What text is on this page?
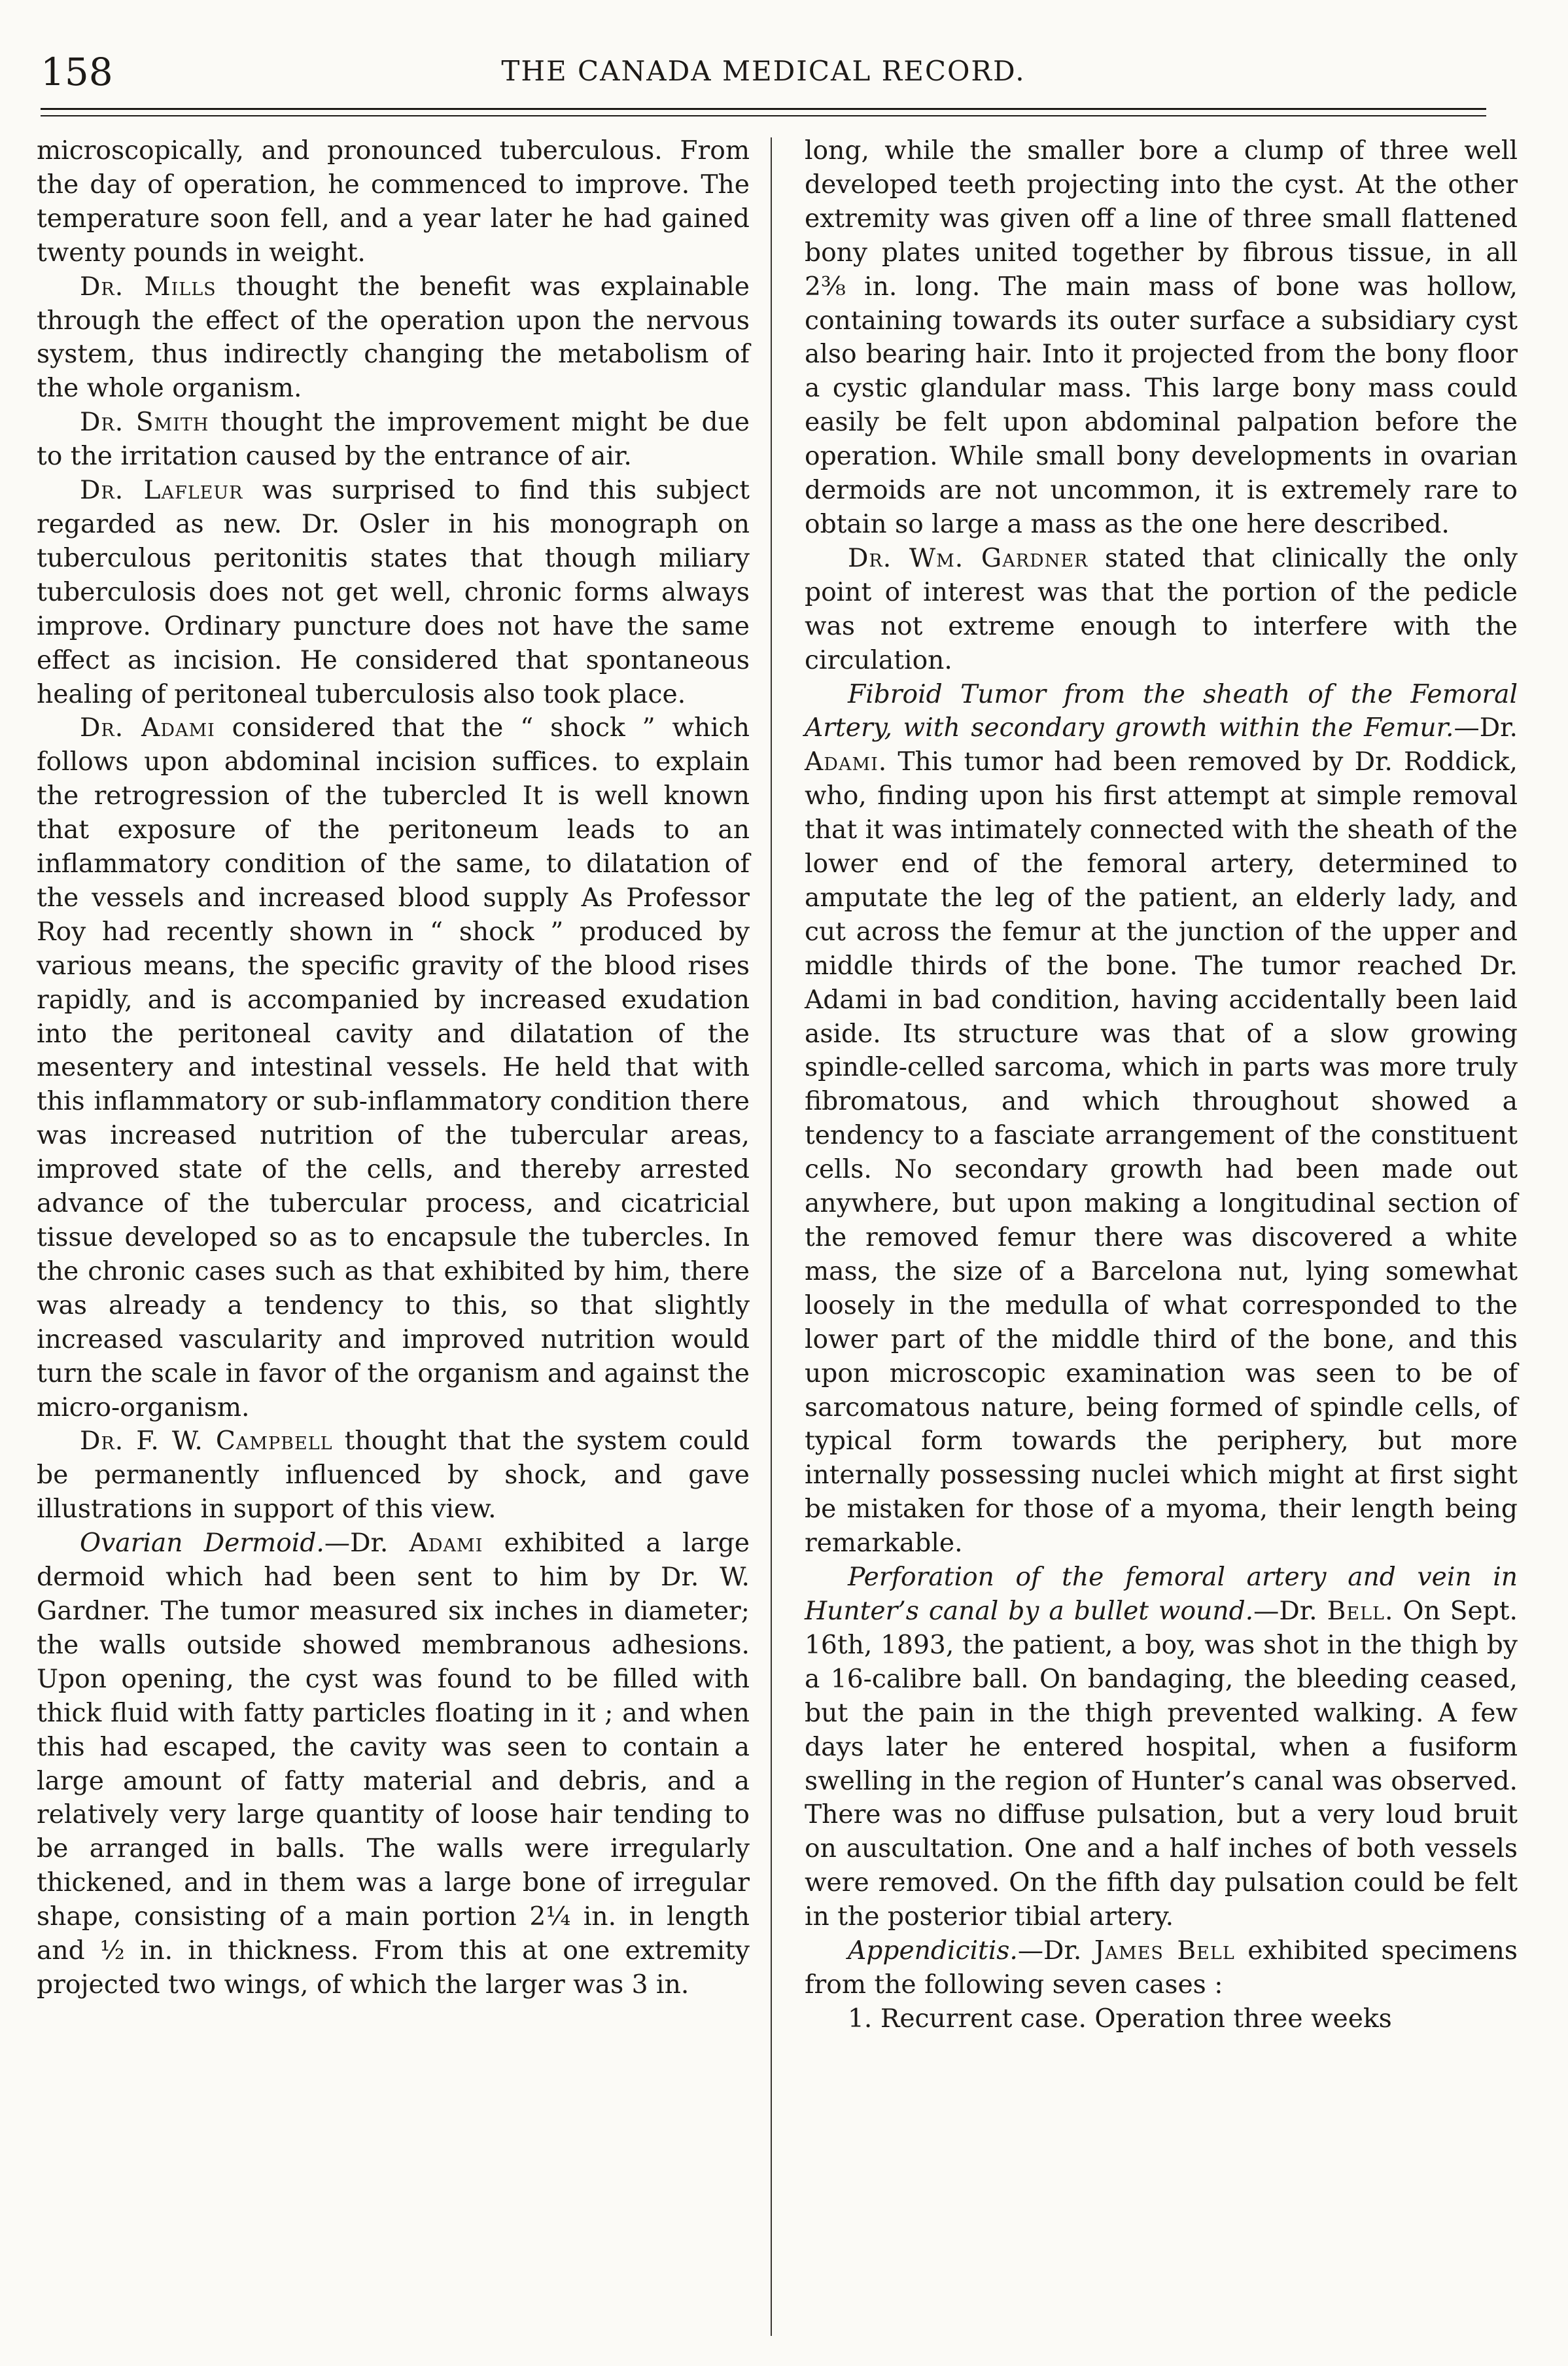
158	THE CANADA MEDICAL RECORD.

microscopically, and pronounced tuberculous. From the day of operation, he commenced to improve. The temperature soon fell, and a year later he had gained twenty pounds in weight.

Dr. Mills thought the benefit was explainable through the effect of the operation upon the nervous system, thus indirectly changing the metabolism of the whole organism.

Dr. Smith thought the improvement might be due to the irritation caused by the entrance of air.

Dr. Lafleur was surprised to find this subject regarded as new. Dr. Osler in his monograph on tuberculous peritonitis states that though miliary tuberculosis does not get well, chronic forms always improve. Ordinary puncture does not have the same effect as incision. He considered that spontaneous healing of peritoneal tuberculosis also took place.

Dr. Adami considered that the “ shock ” which follows upon abdominal incision suffices. to explain the retrogression of the tubercled It is well known that exposure of the peritoneum leads to an inflammatory condition of the same, to dilatation of the vessels and increased blood supply As Professor Roy had recently shown in “ shock ” produced by various means, the specific gravity of the blood rises rapidly, and is accompanied by increased exudation into the peritoneal cavity and dilatation of the mesentery and intestinal vessels. He held that with this inflammatory or sub-inflammatory condition there was increased nutrition of the tubercular areas, improved state of the cells, and thereby arrested advance of the tubercular process, and cicatricial tissue developed so as to encapsule the tubercles. In the chronic cases such as that exhibited by him, there was already a tendency to this, so that slightly increased vascularity and improved nutrition would turn the scale in favor of the organism and against the micro-organism.

Dr. F. W. Campbell thought that the system could be permanently influenced by shock, and gave illustrations in support of this view.

Ovarian Dermoid.—Dr. Adami exhibited a large dermoid which had been sent to him by Dr. W. Gardner. The tumor measured six inches in diameter; the walls outside showed membranous adhesions. Upon opening, the cyst was found to be filled with thick fluid with fatty particles floating in it ; and when this had escaped, the cavity was seen to contain a large amount of fatty material and debris, and a relatively very large quantity of loose hair tending to be arranged in balls. The walls were irregularly thickened, and in them was a large bone of irregular shape, consisting of a main portion 2¼ in. in length and ½ in. in thickness. From this at one extremity projected two wings, of which the larger was 3 in.

long, while the smaller bore a clump of three well developed teeth projecting into the cyst. At the other extremity was given off a line of three small flattened bony plates united together by fibrous tissue, in all 2⅜ in. long. The main mass of bone was hollow, containing towards its outer surface a subsidiary cyst also bearing hair. Into it projected from the bony floor a cystic glandular mass. This large bony mass could easily be felt upon abdominal palpation before the operation. While small bony developments in ovarian dermoids are not uncommon, it is extremely rare to obtain so large a mass as the one here described.

Dr. Wm. Gardner stated that clinically the only point of interest was that the portion of the pedicle was not extreme enough to interfere with the circulation.

Fibroid Tumor from the sheath of the Femoral Artery, with secondary growth within the Femur.—Dr. Adami. This tumor had been removed by Dr. Roddick, who, finding upon his first attempt at simple removal that it was intimately connected with the sheath of the lower end of the femoral artery, determined to amputate the leg of the patient, an elderly lady, and cut across the femur at the junction of the upper and middle thirds of the bone. The tumor reached Dr. Adami in bad condition, having accidentally been laid aside. Its structure was that of a slow growing spindle-celled sarcoma, which in parts was more truly fibromatous, and which throughout showed a tendency to a fasciate arrangement of the constituent cells. No secondary growth had been made out anywhere, but upon making a longitudinal section of the removed femur there was discovered a white mass, the size of a Barcelona nut, lying somewhat loosely in the medulla of what corresponded to the lower part of the middle third of the bone, and this upon microscopic examination was seen to be of sarcomatous nature, being formed of spindle cells, of typical form towards the periphery, but more internally possessing nuclei which might at first sight be mistaken for those of a myoma, their length being remarkable.

Perforation of the femoral artery and vein in Hunter’s canal by a bullet wound.—Dr. Bell. On Sept. 16th, 1893, the patient, a boy, was shot in the thigh by a 16-calibre ball. On bandaging, the bleeding ceased, but the pain in the thigh prevented walking. A few days later he entered hospital, when a fusiform swelling in the region of Hunter’s canal was observed. There was no diffuse pulsation, but a very loud bruit on auscultation. One and a half inches of both vessels were removed. On the fifth day pulsation could be felt in the posterior tibial artery.

Appendicitis.—Dr. James Bell exhibited specimens from the following seven cases :

1. Recurrent case. Operation three weeks
